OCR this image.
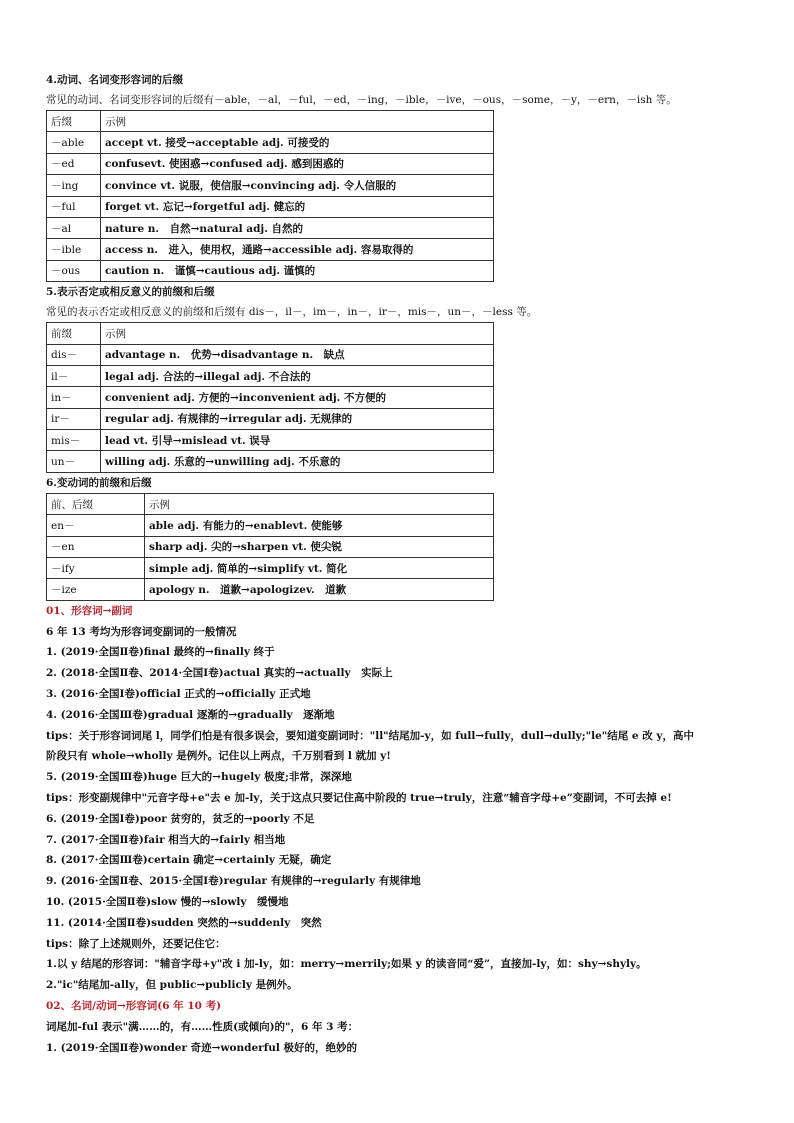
4.动词、名词变形容词的后缀
常见的动词、名词变形容词的后缀有－able，－al，－ful，－ed，－ing，－ible，－ive，－ous，－some，－y，－ern，－ish 等。
后缀	示例
－able	accept vt. 接受→acceptable adj. 可接受的
－ed	confusevt. 使困惑→confused adj. 感到困惑的
－ing	convince vt. 说服，使信服→convincing adj. 令人信服的
－ful	forget vt. 忘记→forgetful adj. 健忘的
－al	nature n.　自然→natural adj. 自然的
－ible	access n.　进入，使用权，通路→accessible adj. 容易取得的
－ous	caution n.　谨慎→cautious adj. 谨慎的
5.表示否定或相反意义的前缀和后缀
常见的表示否定或相反意义的前缀和后缀有 dis－，il－，im－，in－，ir－，mis－，un－，－less 等。
前缀	示例
dis－	advantage n.　优势→disadvantage n.　缺点
il－	legal adj. 合法的→illegal adj. 不合法的
in－	convenient adj. 方便的→inconvenient adj. 不方便的
ir－	regular adj. 有规律的→irregular adj. 无规律的
mis－	lead vt. 引导→mislead vt. 误导
un－	willing adj. 乐意的→unwilling adj. 不乐意的
6.变动词的前缀和后缀
前、后缀	示例
en－	able adj. 有能力的→enablevt. 使能够
－en	sharp adj. 尖的→sharpen vt. 使尖锐
－ify	simple adj. 简单的→simplify vt. 简化
－ize	apology n.　道歉→apologizev.　道歉
01、形容词→副词
6 年 13 考均为形容词变副词的一般情况
1. (2019·全国Ⅱ卷)final 最终的→finally 终于
2. (2018·全国Ⅱ卷、2014·全国Ⅰ卷)actual 真实的→actually　实际上
3. (2016·全国Ⅰ卷)official 正式的→officially 正式地
4. (2016·全国Ⅲ卷)gradual 逐渐的→gradually　逐渐地
tips：关于形容词词尾 l，同学们怕是有很多误会，要知道变副词时："ll"结尾加-y，如 full→fully，dull→dully;"le"结尾 e 改 y，高中
阶段只有 whole→wholly 是例外。记住以上两点，千万别看到 l 就加 y!
5. (2019·全国Ⅲ卷)huge 巨大的→hugely 极度;非常，深深地
tips：形变副规律中"元音字母+e"去 e 加-ly，关于这点只要记住高中阶段的 true→truly，注意“辅音字母+e”变副词，不可去掉 e!
6. (2019·全国Ⅰ卷)poor 贫穷的，贫乏的→poorly 不足
7. (2017·全国Ⅱ卷)fair 相当大的→fairly 相当地
8. (2017·全国Ⅲ卷)certain 确定→certainly 无疑，确定
9. (2016·全国Ⅱ卷、2015·全国Ⅰ卷)regular 有规律的→regularly 有规律地
10. (2015·全国Ⅱ卷)slow 慢的→slowly　缓慢地
11. (2014·全国Ⅱ卷)sudden 突然的→suddenly　突然
tips：除了上述规则外，还要记住它：
1.以 y 结尾的形容词："辅音字母+y"改 i 加-ly，如：merry→merrily;如果 y 的读音同“爱”，直接加-ly，如：shy→shyly。
2."ic"结尾加-ally，但 public→publicly 是例外。
02、名词/动词→形容词(6 年 10 考)
词尾加-ful 表示"满……的，有……性质(或倾向)的"，6 年 3 考：
1. (2019·全国Ⅱ卷)wonder 奇迹→wonderful 极好的，绝妙的
